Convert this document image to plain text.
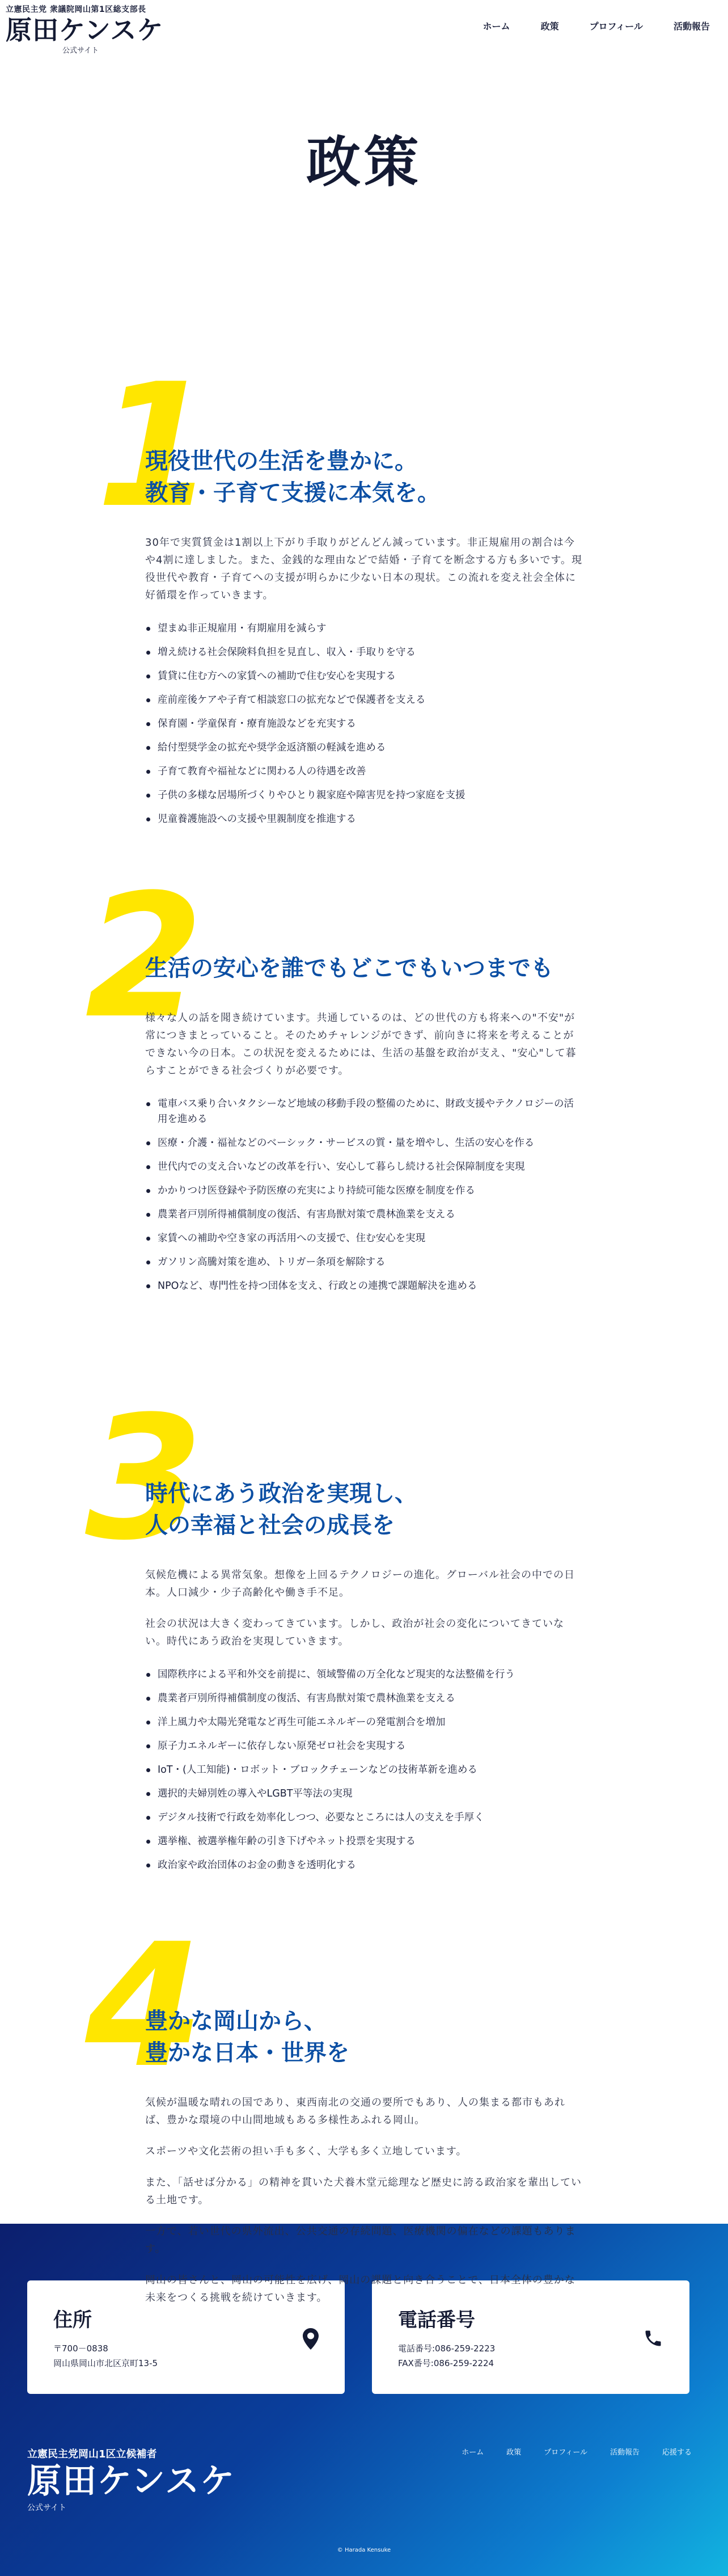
立憲民主党 衆議院岡山第1区総支部長
原田ケンスケ
公式サイト
ホーム	政策	プロフィール	活動報告
政策
1
現役世代の生活を豊かに。
教育・子育て支援に本気を。

30年で実質賃金は1割以上下がり手取りがどんどん減っています。非正規雇用の割合は今や4割に達しました。また、金銭的な理由などで結婚・子育てを断念する方も多いです。現役世代や教育・子育てへの支援が明らかに少ない日本の現状。この流れを変え社会全体に好循環を作っていきます。

望まぬ非正規雇用・有期雇用を減らす
増え続ける社会保険料負担を見直し、収入・手取りを守る
賃貸に住む方への家賃への補助で住む安心を実現する
産前産後ケアや子育て相談窓口の拡充などで保護者を支える
保育園・学童保育・療育施設などを充実する
給付型奨学金の拡充や奨学金返済額の軽減を進める
子育て教育や福祉などに関わる人の待遇を改善
子供の多様な居場所づくりやひとり親家庭や障害児を持つ家庭を支援
児童養護施設への支援や里親制度を推進する
2
生活の安心を誰でもどこでもいつまでも

様々な人の話を聞き続けています。共通しているのは、どの世代の方も将来への"不安"が常につきまとっていること。そのためチャレンジができず、前向きに将来を考えることができない今の日本。この状況を変えるためには、生活の基盤を政治が支え、"安心"して暮らすことができる社会づくりが必要です。

電車バス乗り合いタクシーなど地域の移動手段の整備のために、財政支援やテクノロジーの活用を進める
医療・介護・福祉などのベーシック・サービスの質・量を増やし、生活の安心を作る
世代内での支え合いなどの改革を行い、安心して暮らし続ける社会保障制度を実現
かかりつけ医登録や予防医療の充実により持続可能な医療を制度を作る
農業者戸別所得補償制度の復活、有害鳥獣対策で農林漁業を支える
家賃への補助や空き家の再活用への支援で、住む安心を実現
ガソリン高騰対策を進め、トリガー条項を解除する
NPOなど、専門性を持つ団体を支え、行政との連携で課題解決を進める
3
時代にあう政治を実現し、
人の幸福と社会の成長を

気候危機による異常気象。想像を上回るテクノロジーの進化。グローバル社会の中での日本。人口減少・少子高齢化や働き手不足。

社会の状況は大きく変わってきています。しかし、政治が社会の変化についてきていない。時代にあう政治を実現していきます。

国際秩序による平和外交を前提に、領域警備の万全化など現実的な法整備を行う
農業者戸別所得補償制度の復活、有害鳥獣対策で農林漁業を支える
洋上風力や太陽光発電など再生可能エネルギーの発電割合を増加
原子力エネルギーに依存しない原発ゼロ社会を実現する
IoT・(人工知能)・ロボット・ブロックチェーンなどの技術革新を進める
選択的夫婦別姓の導入やLGBT平等法の実現
デジタル技術で行政を効率化しつつ、必要なところには人の支えを手厚く
選挙権、被選挙権年齢の引き下げやネット投票を実現する
政治家や政治団体のお金の動きを透明化する
4
豊かな岡山から、
豊かな日本・世界を

気候が温暖な晴れの国であり、東西南北の交通の要所でもあり、人の集まる都市もあれば、豊かな環境の中山間地域もある多様性あふれる岡山。

スポーツや文化芸術の担い手も多く、大学も多く立地しています。

また、「話せば分かる」の精神を貫いた犬養木堂元総理など歴史に誇る政治家を輩出している土地です。

一方で、若い世代の県外流出、公共交通の存続問題、医療機関の偏在などの課題もあります。

岡山の皆さんと、岡山の可能性を広げ、岡山の課題と向き合うことで、日本全体の豊かな未来をつくる挑戦を続けていきます。

住所
〒700－0838
岡山県岡山市北区京町13-5
電話番号
電話番号:086-259-2223
FAX番号:086-259-2224
立憲民主党岡山1区立候補者
原田ケンスケ
公式サイト
ホーム	政策	プロフィール	活動報告	応援する
© Harada Kensuke
